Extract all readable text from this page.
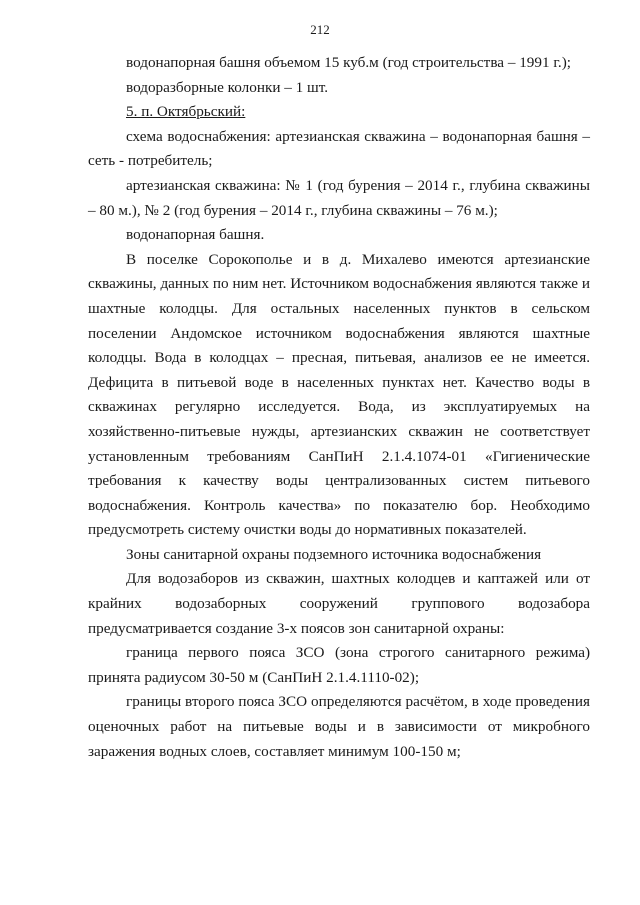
212

водонапорная башня объемом 15 куб.м (год строительства – 1991 г.);

водоразборные колонки – 1 шт.

5. п. Октябрьский:

схема водоснабжения: артезианская скважина – водонапорная башня – сеть - потребитель;

артезианская скважина: № 1 (год бурения – 2014 г., глубина скважины – 80 м.), № 2 (год бурения – 2014 г., глубина скважины – 76 м.);

водонапорная башня.

В поселке Сорокополье и в д. Михалево имеются артезианские скважины, данных по ним нет. Источником водоснабжения являются также и шахтные колодцы. Для остальных населенных пунктов в сельском поселении Андомское источником водоснабжения являются шахтные колодцы. Вода в колодцах – пресная, питьевая, анализов ее не имеется. Дефицита в питьевой воде в населенных пунктах нет. Качество воды в скважинах регулярно исследуется. Вода, из эксплуатируемых на хозяйственно-питьевые нужды, артезианских скважин не соответствует установленным требованиям СанПиН 2.1.4.1074-01 «Гигиенические требования к качеству воды централизованных систем питьевого водоснабжения. Контроль качества» по показателю бор. Необходимо предусмотреть систему очистки воды до нормативных показателей.

Зоны санитарной охраны подземного источника водоснабжения

Для водозаборов из скважин, шахтных колодцев и каптажей или от крайних водозаборных сооружений группового водозабора предусматривается создание 3-х поясов зон санитарной охраны:

граница первого пояса ЗСО (зона строгого санитарного режима) принята радиусом 30-50 м (СанПиН 2.1.4.1110-02);

границы второго пояса ЗСО определяются расчётом, в ходе проведения оценочных работ на питьевые воды и в зависимости от микробного заражения водных слоев, составляет минимум 100-150 м;
